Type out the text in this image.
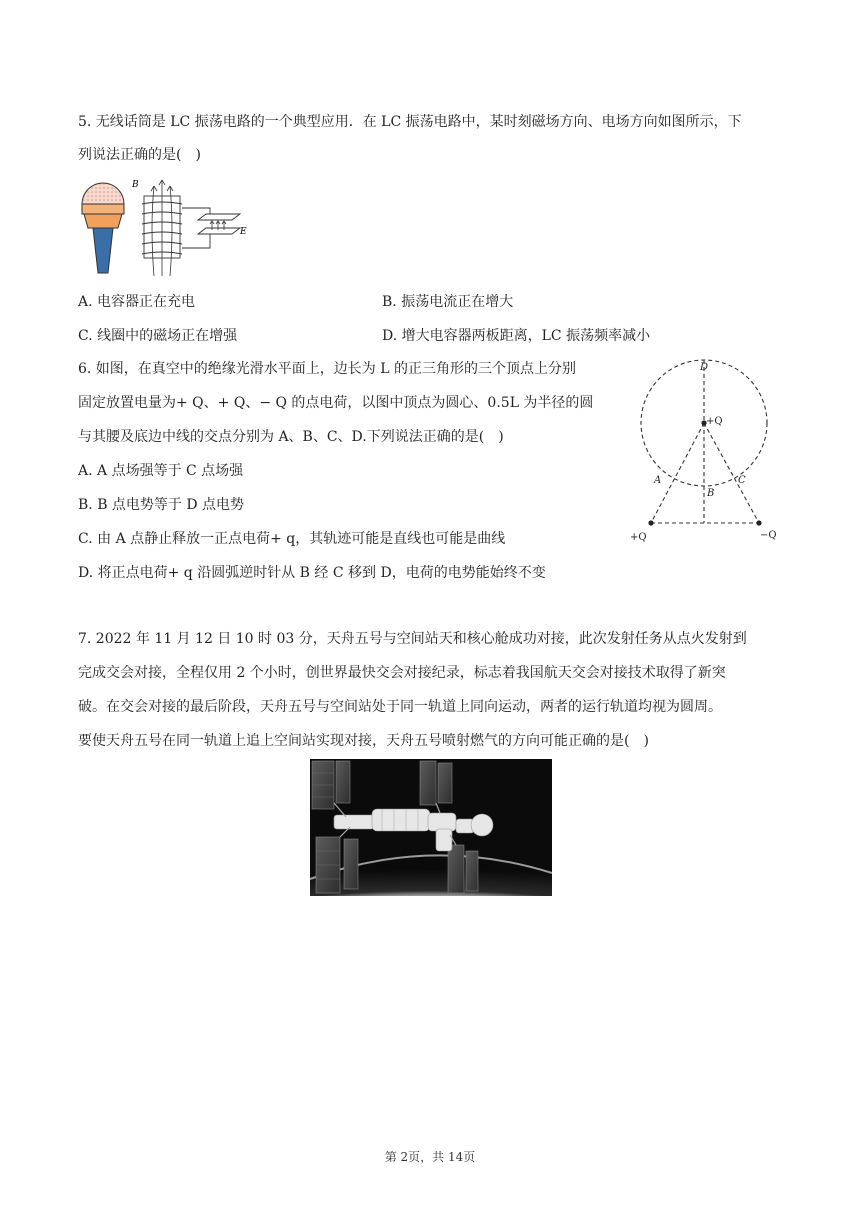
5. 无线话筒是 LC 振荡电路的一个典型应用．在 LC 振荡电路中，某时刻磁场方向、电场方向如图所示，下
列说法正确的是(　)
B
E
A. 电容器正在充电	B. 振荡电流正在增大
C. 线圈中的磁场正在增强	D. 增大电容器两板距离，LC 振荡频率减小
6. 如图，在真空中的绝缘光滑水平面上，边长为 L 的正三角形的三个顶点上分别
固定放置电量为+ Q、+ Q、− Q 的点电荷，以图中顶点为圆心、0.5L 为半径的圆
与其腰及底边中线的交点分别为 A、B、C、D.下列说法正确的是(　)
A. A 点场强等于 C 点场强
B. B 点电势等于 D 点电势
C. 由 A 点静止释放一正点电荷+ q，其轨迹可能是直线也可能是曲线
D. 将正点电荷+ q 沿圆弧逆时针从 B 经 C 移到 D，电荷的电势能始终不变
D
+Q
A
B
C
+Q	−Q
7. 2022 年 11 月 12 日 10 时 03 分，天舟五号与空间站天和核心舱成功对接，此次发射任务从点火发射到
完成交会对接，全程仅用 2 个小时，创世界最快交会对接纪录，标志着我国航天交会对接技术取得了新突
破。在交会对接的最后阶段，天舟五号与空间站处于同一轨道上同向运动，两者的运行轨道均视为圆周。
要使天舟五号在同一轨道上追上空间站实现对接，天舟五号喷射燃气的方向可能正确的是(　)
第 2页，共 14页
